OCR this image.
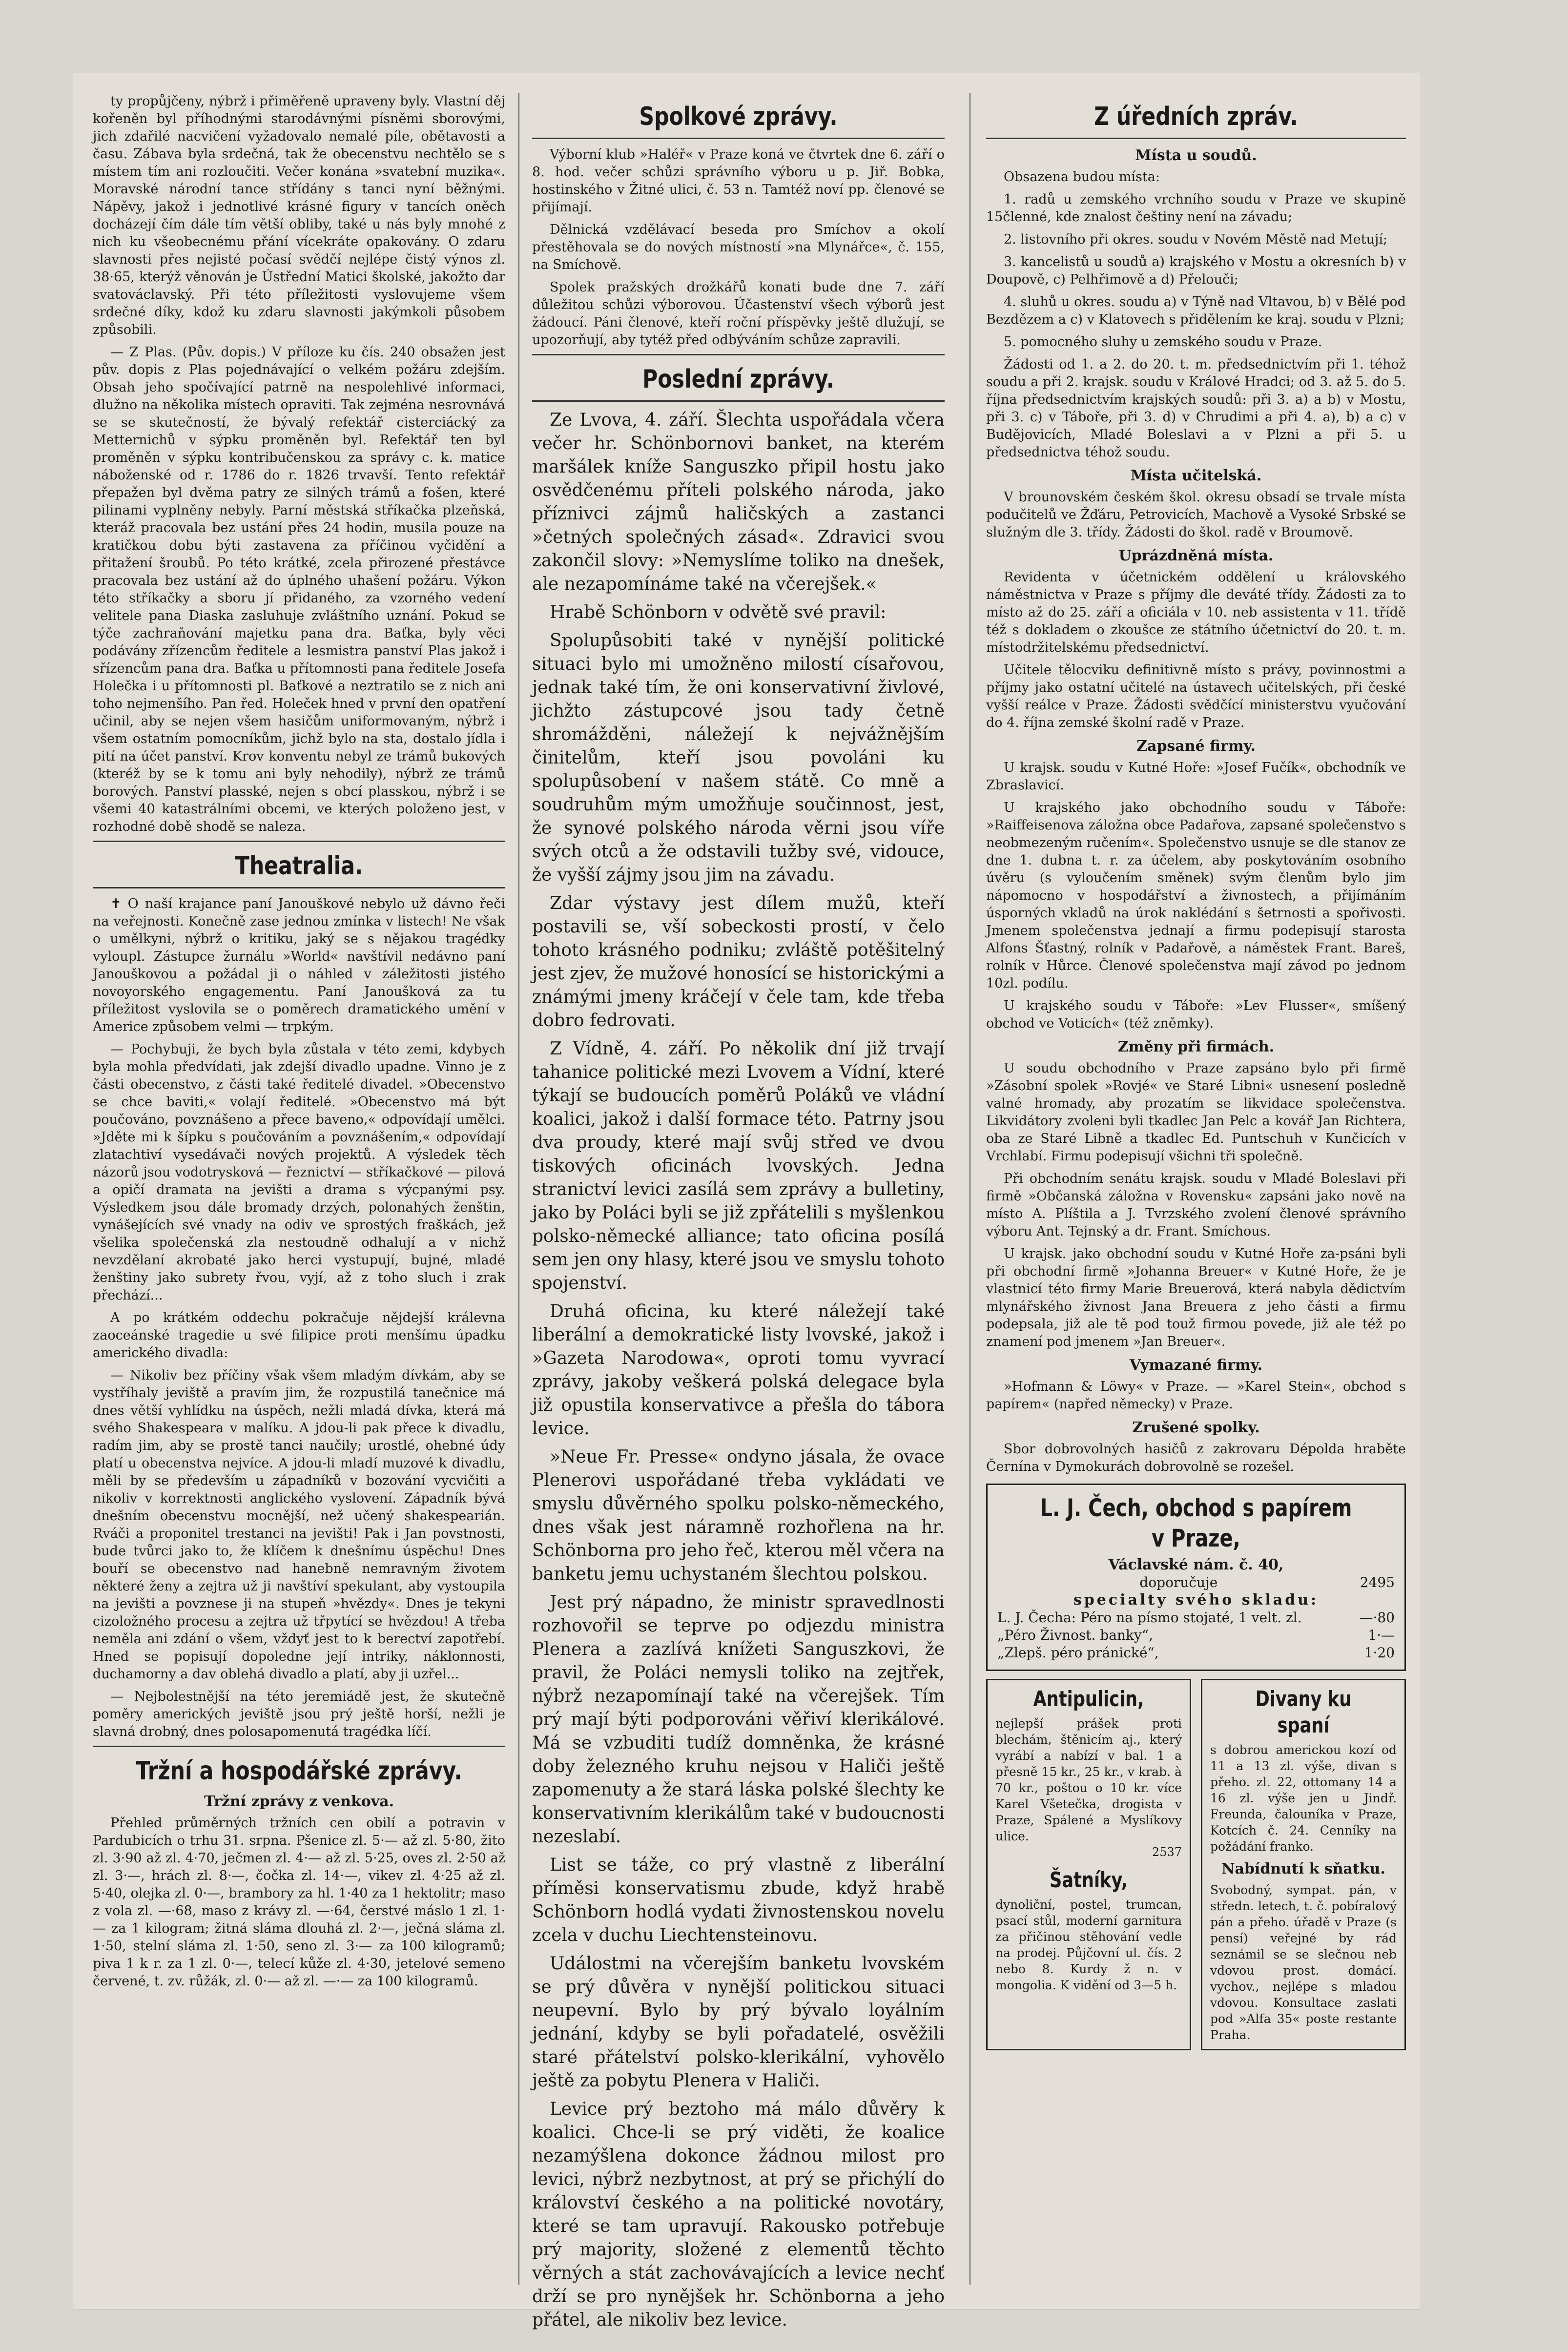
ty propůjčeny, nýbrž i přiměřeně upraveny byly. Vlastní děj kořeněn byl příhodnými starodávnými písněmi sborovými, jich zdařilé nacvičení vyžadovalo nemalé píle, obětavosti a času. Zábava byla srdečná, tak že obecenstvu nechtělo se s místem tím ani rozloučiti. Večer konána »svatební muzika«. Moravské národní tance střídány s tanci nyní běžnými. Nápěvy, jakož i jednotlivé krásné figury v tancích oněch docházejí čím dále tím větší obliby, také u nás byly mnohé z nich ku všeobecnému přání vícekráte opakovány. O zdaru slavnosti přes nejisté počasí svědčí nejlépe čistý výnos zl. 38·65, kterýž věnován je Ústřední Matici školské, jakožto dar svatováclavský. Při této příležitosti vyslovujeme všem srdečné díky, kdož ku zdaru slavnosti jakýmkoli působem způsobili.

— Z Plas. (Pův. dopis.) V příloze ku čís. 240 obsažen jest pův. dopis z Plas pojednávající o velkém požáru zdejším. Obsah jeho spočívající patrně na nespolehlivé informaci, dlužno na několika místech opraviti. Tak zejména nesrovnává se se skutečností, že bývalý refektář cisterciácký za Metternichů v sýpku proměněn byl. Refektář ten byl proměněn v sýpku kontribučenskou za správy c. k. matice náboženské od r. 1786 do r. 1826 trvavší. Tento refektář přepažen byl dvěma patry ze silných trámů a fošen, které pilinami vyplněny nebyly. Parní městská stříkačka plzeňská, kteráž pracovala bez ustání přes 24 hodin, musila pouze na kratičkou dobu býti zastavena za příčinou vyčidění a přitažení šroubů. Po této krátké, zcela přirozené přestávce pracovala bez ustání až do úplného uhašení požáru. Výkon této stříkačky a sboru jí přidaného, za vzorného vedení velitele pana Diaska zasluhuje zvláštního uznání. Pokud se týče zachraňování majetku pana dra. Baťka, byly věci podávány zřízencům ředitele a lesmistra panství Plas jakož i sřízencům pana dra. Baťka u přítomnosti pana ředitele Josefa Holečka i u přítomnosti pl. Baťkové a neztratilo se z nich ani toho nejmenšího. Pan řed. Holeček hned v první den opatření učinil, aby se nejen všem hasičům uniformovaným, nýbrž i všem ostatním pomocníkům, jichž bylo na sta, dostalo jídla i pití na účet panství. Krov konventu nebyl ze trámů bukových (kteréž by se k tomu ani byly nehodily), nýbrž ze trámů borových. Panství plasské, nejen s obcí plasskou, nýbrž i se všemi 40 katastrálními obcemi, ve kterých položeno jest, v rozhodné době shodě se naleza.

Theatralia.

✝ O naší krajance paní Janouškové nebylo už dávno řeči na veřejnosti. Konečně zase jednou zmínka v listech! Ne však o umělkyni, nýbrž o kritiku, jaký se s nějakou tragédky vyloupl. Zástupce žurnálu »World« navštívil nedávno paní Janouškovou a požádal ji o náhled v záležitosti jistého novoyorského engagementu. Paní Janoušková za tu příležitost vyslovila se o poměrech dramatického umění v Americe způsobem velmi — trpkým.

— Pochybuji, že bych byla zůstala v této zemi, kdybych byla mohla předvídati, jak zdejší divadlo upadne. Vinno je z části obecenstvo, z části také ředitelé divadel. »Obecenstvo se chce baviti,« volají ředitelé. »Obecenstvo má být poučováno, povznášeno a přece baveno,« odpovídají umělci. »Jděte mi k šípku s poučováním a povznášením,« odpovídají zlatachtiví vysedávači nových projektů. A výsledek těch názorů jsou vodotrysková — řeznictví — stříkačkové — pilová a opičí dramata na jevišti a drama s výcpanými psy. Výsledkem jsou dále bromady drzých, polonahých ženštin, vynášejících své vnady na odiv ve sprostých fraškách, jež všelika společenská zla nestoudně odhalují a v nichž nevzdělaní akrobaté jako herci vystupují, bujné, mladé ženštiny jako subrety řvou, vyjí, až z toho sluch i zrak přechází...

A po krátkém oddechu pokračuje nějdejší králevna zaoceánské tragedie u své filipice proti menšímu úpadku amerického divadla:

— Nikoliv bez příčiny však všem mladým dívkám, aby se vystříhaly jeviště a pravím jim, že rozpustilá tanečnice má dnes větší vyhlídku na úspěch, nežli mladá dívka, která má svého Shakespeara v malíku. A jdou-li pak přece k divadlu, radím jim, aby se prostě tanci naučily; urostlé, ohebné údy platí u obecenstva nejvíce. A jdou-li mladí muzové k divadlu, měli by se především u západníků v bozování vycvičiti a nikoliv v korrektnosti anglického vyslovení. Západník bývá dnešním obecenstvu mocnější, než učený shakespearián. Rváči a proponitel trestanci na jevišti! Pak i Jan povstnosti, bude tvůrci jako to, že klíčem k dnešnímu úspěchu! Dnes bouří se obecenstvo nad hanebně nemravným životem některé ženy a zejtra už ji navštíví spekulant, aby vystoupila na jevišti a povznese ji na stupeň »hvězdy«. Dnes je tekyni cizoložného procesu a zejtra už třpytící se hvězdou! A třeba neměla ani zdání o všem, vždyť jest to k berectví zapotřebí. Hned se popisují dopoledne její intriky, náklonnosti, duchamorny a dav oblehá divadlo a platí, aby ji uzřel...

— Nejbolestnější na této jeremiádě jest, že skutečně poměry amerických jeviště jsou prý ještě horší, nežli je slavná drobný, dnes polosapomenutá tragédka líčí.

Tržní a hospodářské zprávy.
Tržní zprávy z venkova.

Přehled průměrných tržních cen obilí a potravin v Pardubicích o trhu 31. srpna. Pšenice zl. 5·— až zl. 5·80, žito zl. 3·90 až zl. 4·70, ječmen zl. 4·— až zl. 5·25, oves zl. 2·50 až zl. 3·—, hrách zl. 8·—, čočka zl. 14·—, vikev zl. 4·25 až zl. 5·40, olejka zl. 0·—, brambory za hl. 1·40 za 1 hektolitr; maso z vola zl. —·68, maso z krávy zl. —·64, čerstvé máslo 1 zl. 1·— za 1 kilogram; žitná sláma dlouhá zl. 2·—, ječná sláma zl. 1·50, stelní sláma zl. 1·50, seno zl. 3·— za 100 kilogramů; piva 1 k r. za 1 zl. 0·—, telecí kůže zl. 4·30, jetelové semeno červené, t. zv. růžák, zl. 0·— až zl. —·— za 100 kilogramů.

Spolkové zprávy.

Výborní klub »Haléř« v Praze koná ve čtvrtek dne 6. září o 8. hod. večer schůzi správního výboru u p. Jiř. Bobka, hostinského v Žitné ulici, č. 53 n. Tamtéž noví pp. členové se přijímají.

Dělnická vzdělávací beseda pro Smíchov a okolí přestěhovala se do nových místností »na Mlynářce«, č. 155, na Smíchově.

Spolek pražských drožkářů konati bude dne 7. září důležitou schůzi výborovou. Účastenství všech výborů jest žádoucí. Páni členové, kteří roční příspěvky ještě dlužují, se upozorňují, aby tytéž před odbýváním schůze zapravili.

Poslední zprávy.

Ze Lvova, 4. září. Šlechta uspořádala včera večer hr. Schönbornovi banket, na kterém maršálek kníže Sanguszko připil hostu jako osvědčenému příteli polského národa, jako příznivci zájmů haličských a zastanci »četných společných zásad«. Zdravici svou zakončil slovy: »Nemyslíme toliko na dnešek, ale nezapomínáme také na včerejšek.«

Hrabě Schönborn v odvětě své pravil:

Spolupůsobiti také v nynější politické situaci bylo mi umožněno milostí císařovou, jednak také tím, že oni konservativní živlové, jichžto zástupcové jsou tady četně shromážděni, náležejí k nejvážnějším činitelům, kteří jsou povoláni ku spolupůsobení v našem státě. Co mně a soudruhům mým umožňuje součinnost, jest, že synové polského národa věrni jsou víře svých otců a že odstavili tužby své, vidouce, že vyšší zájmy jsou jim na závadu.

Zdar výstavy jest dílem mužů, kteří postavili se, vší sobeckosti prostí, v čelo tohoto krásného podniku; zvláště potěšitelný jest zjev, že mužové honosící se historickými a známými jmeny kráčejí v čele tam, kde třeba dobro fedrovati.

Z Vídně, 4. září. Po několik dní již trvají tahanice politické mezi Lvovem a Vídní, které týkají se budoucích poměrů Poláků ve vládní koalici, jakož i další formace této. Patrny jsou dva proudy, které mají svůj střed ve dvou tiskových oficinách lvovských. Jedna stranictví levici zasílá sem zprávy a bulletiny, jako by Poláci byli se již zpřátelili s myšlenkou polsko-německé alliance; tato oficina posílá sem jen ony hlasy, které jsou ve smyslu tohoto spojenství.

Druhá oficina, ku které náležejí také liberální a demokratické listy lvovské, jakož i »Gazeta Narodowa«, oproti tomu vyvrací zprávy, jakoby veškerá polská delegace byla již opustila konservativce a přešla do tábora levice.

»Neue Fr. Presse« ondyno jásala, že ovace Plenerovi uspořádané třeba vykládati ve smyslu důvěrného spolku polsko-německého, dnes však jest náramně rozhořlena na hr. Schönborna pro jeho řeč, kterou měl včera na banketu jemu uchystaném šlechtou polskou.

Jest prý nápadno, že ministr spravedlnosti rozhovořil se teprve po odjezdu ministra Plenera a zazlívá knížeti Sanguszkovi, že pravil, že Poláci nemysli toliko na zejtřek, nýbrž nezapomínají také na včerejšek. Tím prý mají býti podporováni věřiví klerikálové. Má se vzbuditi tudíž domněnka, že krásné doby železného kruhu nejsou v Haliči ještě zapomenuty a že stará láska polské šlechty ke konservativním klerikálům také v budoucnosti nezeslabí.

List se táže, co prý vlastně z liberální příměsi konservatismu zbude, když hrabě Schönborn hodlá vydati živnostenskou novelu zcela v duchu Liechtensteinovu.

Událostmi na včerejším banketu lvovském se prý důvěra v nynější politickou situaci neupevní. Bylo by prý bývalo loyálním jednání, kdyby se byli pořadatelé, osvěžili staré přátelství polsko-klerikální, vyhovělo ještě za pobytu Plenera v Haliči.

Levice prý beztoho má málo důvěry k koalici. Chce-li se prý viděti, že koalice nezamýšlena dokonce žádnou milost pro levici, nýbrž nezbytnost, at prý se přichýlí do království českého a na politické novotáry, které se tam upravují. Rakousko potřebuje prý majority, složené z elementů těchto věrných a stát zachovávajících a levice nechť drží se pro nynějšek hr. Schönborna a jeho přátel, ale nikoliv bez levice.

Z úředních zpráv.
Místa u soudů.

Obsazena budou místa:

1. radů u zemského vrchního soudu v Praze ve skupině 15členné, kde znalost češtiny není na závadu;

2. listovního při okres. soudu v Novém Městě nad Metují;

3. kancelistů u soudů a) krajského v Mostu a okresních b) v Doupově, c) Pelhřimově a d) Přelouči;

4. sluhů u okres. soudu a) v Týně nad Vltavou, b) v Bělé pod Bezdězem a c) v Klatovech s přidělením ke kraj. soudu v Plzni;

5. pomocného sluhy u zemského soudu v Praze.

Žádosti od 1. a 2. do 20. t. m. předsednictvím při 1. téhož soudu a při 2. krajsk. soudu v Králové Hradci; od 3. až 5. do 5. října předsednictvím krajských soudů: při 3. a) a b) v Mostu, při 3. c) v Táboře, při 3. d) v Chrudimi a při 4. a), b) a c) v Budějovicích, Mladé Boleslavi a v Plzni a při 5. u předsednictva téhož soudu.

Místa učitelská.

V brounovském českém škol. okresu obsadí se trvale místa podučitelů ve Žďáru, Petrovicích, Machově a Vysoké Srbské se služným dle 3. třídy. Žádosti do škol. radě v Broumově.

Uprázdněná místa.

Revidenta v účetnickém oddělení u královského náměstnictva v Praze s příjmy dle deváté třídy. Žádosti za to místo až do 25. září a oficiála v 10. neb assistenta v 11. třídě též s dokladem o zkoušce ze státního účetnictví do 20. t. m. místodržitelskému předsednictví.

Učitele tělocviku definitivně místo s právy, povinnostmi a příjmy jako ostatní učitelé na ústavech učitelských, při české vyšší reálce v Praze. Žádosti svědčící ministerstvu vyučování do 4. října zemské školní radě v Praze.

Zapsané firmy.

U krajsk. soudu v Kutné Hoře: »Josef Fučík«, obchodník ve Zbraslavicí.

U krajského jako obchodního soudu v Táboře: »Raiffeisenova záložna obce Padařova, zapsané společenstvo s neobmezeným ručením«. Společenstvo usnuje se dle stanov ze dne 1. dubna t. r. za účelem, aby poskytováním osobního úvěru (s vyloučením směnek) svým členům bylo jim nápomocno v hospodářství a živnostech, a přijímáním úsporných vkladů na úrok naklédání s šetrnosti a spořivosti. Jmenem společenstva jednají a firmu podepisují starosta Alfons Šťastný, rolník v Padařově, a náměstek Frant. Bareš, rolník v Hůrce. Členové společenstva mají závod po jednom 10zl. podílu.

U krajského soudu v Táboře: »Lev Flusser«, smíšený obchod ve Voticích« (též zněmky).

Změny při firmách.

U soudu obchodního v Praze zapsáno bylo při firmě »Zásobní spolek »Rovjé« ve Staré Libni« usnesení posledně valné hromady, aby prozatím se likvidace společenstva. Likvidátory zvoleni byli tkadlec Jan Pelc a kovář Jan Richtera, oba ze Staré Libně a tkadlec Ed. Puntschuh v Kunčicích v Vrchlabí. Firmu podepisují všichni tři společně.

Při obchodním senátu krajsk. soudu v Mladé Boleslavi při firmě »Občanská záložna v Rovensku« zapsáni jako nově na místo A. Plíštila a J. Tvrzského zvolení členové správního výboru Ant. Tejnský a dr. Frant. Smíchous.

U krajsk. jako obchodní soudu v Kutné Hoře za-psáni byli při obchodní firmě »Johanna Breuer« v Kutné Hoře, že je vlastnicí této firmy Marie Breuerová, která nabyla dědictvím mlynářského živnost Jana Breuera z jeho části a firmu podepsala, již ale tě pod touž firmou povede, již ale též po znamení pod jmenem »Jan Breuer«.

Vymazané firmy.

»Hofmann & Löwy« v Praze. — »Karel Stein«, obchod s papírem« (napřed německy) v Praze.

Zrušené spolky.

Sbor dobrovolných hasičů z zakrovaru Dépolda hraběte Černína v Dymokurách dobrovolně se rozešel.

L. J. Čech, obchod s papírem v Praze,
Václavské nám. č. 40,
doporučuje	2495
specialty svého skladu:
L. J. Čecha: Péro na písmo stojaté, 1 velt. zl.	—·80
„Péro Živnost. banky“,	1·—
„Zlepš. péro pránické“,	1·20
Antipulicin,
nejlepší prášek proti blechám, štěnicím aj., který vyrábí a nabízí v bal. 1 a přesně 15 kr., 25 kr., v krab. à 70 kr., poštou o 10 kr. více Karel Všetečka, drogista v Praze, Spálené a Myslíkovy ulice.
2537
Šatníky,
dynoliční, postel, trumcan, psací stůl, moderní garnitura za přičinou stěhování vedle na prodej. Půjčovní ul. čís. 2 nebo 8. Kurdy ž n. v mongolia. K vidění od 3—5 h.
Divany ku spaní
s dobrou americkou kozí od 11 a 13 zl. výše, divan s přeho. zl. 22, ottomany 14 a 16 zl. výše jen u Jindř. Freunda, čalouníka v Praze, Kotcích č. 24. Cenníky na požádání franko.
Nabídnutí k sňatku.
Svobodný, sympat. pán, v středn. letech, t. č. pobíralový pán a přeho. úřadě v Praze (s pensí) veřejné by rád seznámil se se slečnou neb vdovou prost. domácí. vychov., nejlépe s mladou vdovou. Konsultace zaslati pod »Alfa 35« poste restante Praha.
